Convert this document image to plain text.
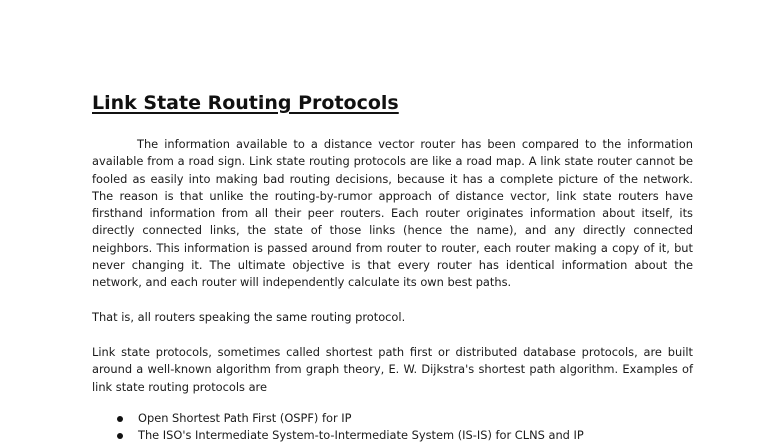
Link State Routing Protocols

The information available to a distance vector router has been compared to the information available from a road sign. Link state routing protocols are like a road map. A link state router cannot be fooled as easily into making bad routing decisions, because it has a complete picture of the network. The reason is that unlike the routing-by-rumor approach of distance vector, link state routers have firsthand information from all their peer routers. Each router originates information about itself, its directly connected links, the state of those links (hence the name), and any directly connected neighbors. This information is passed around from router to router, each router making a copy of it, but never changing it. The ultimate objective is that every router has identical information about the network, and each router will independently calculate its own best paths.

That is, all routers speaking the same routing protocol.

Link state protocols, sometimes called shortest path first or distributed database protocols, are built around a well-known algorithm from graph theory, E. W. Dijkstra's shortest path algorithm. Examples of link state routing protocols are

Open Shortest Path First (OSPF) for IP
The ISO's Intermediate System-to-Intermediate System (IS-IS) for CLNS and IP
